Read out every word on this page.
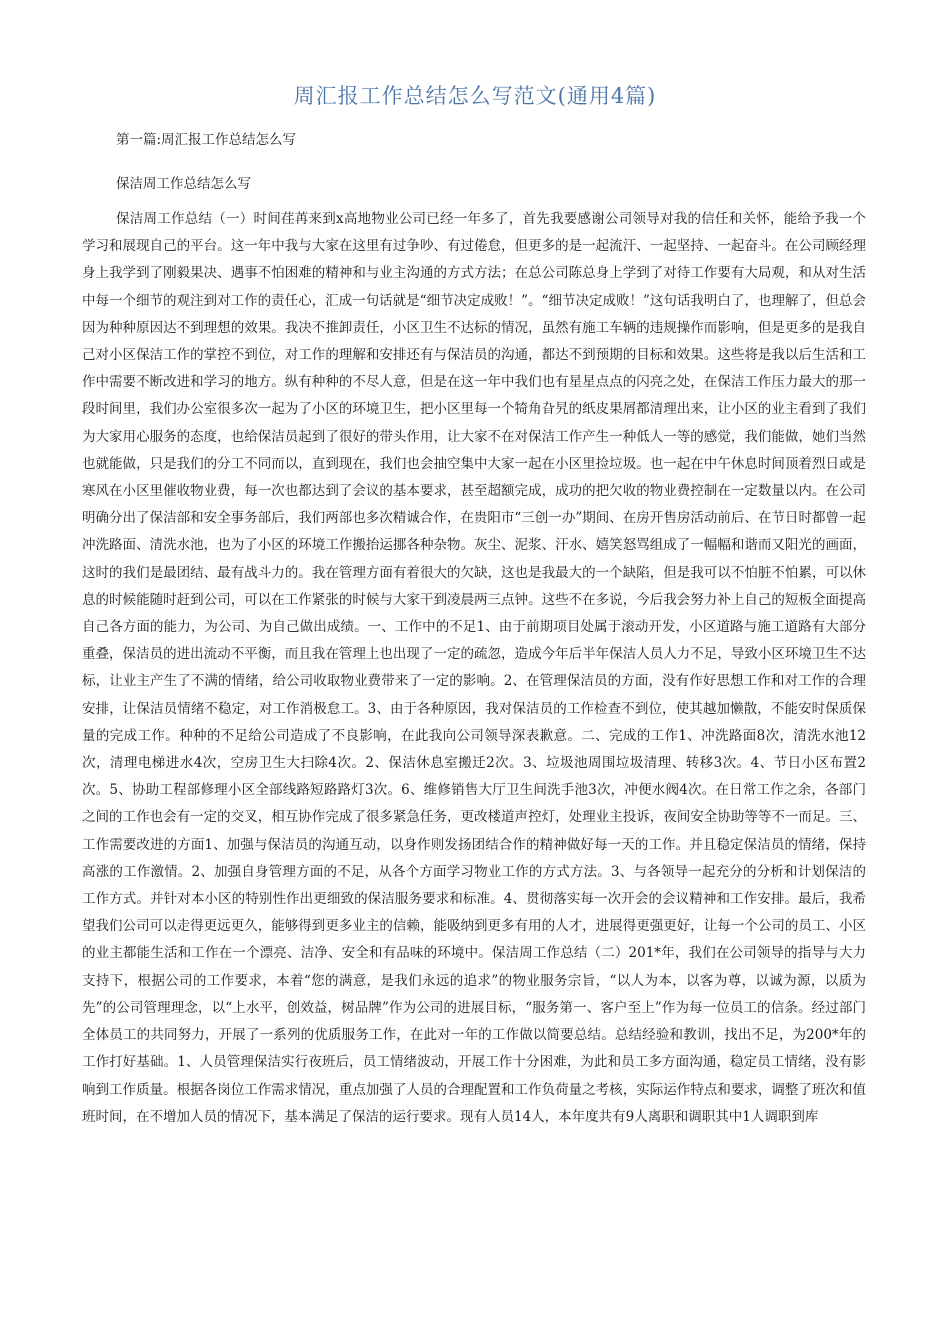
周汇报工作总结怎么写范文(通用4篇)

第一篇:周汇报工作总结怎么写

保洁周工作总结怎么写

保洁周工作总结（一）时间荏苒来到x高地物业公司已经一年多了，首先我要感谢公司领导对我的信任和关怀，能给予我一个学习和展现自己的平台。这一年中我与大家在这里有过争吵、有过倦怠，但更多的是一起流汗、一起坚持、一起奋斗。在公司顾经理身上我学到了刚毅果决、遇事不怕困难的精神和与业主沟通的方式方法；在总公司陈总身上学到了对待工作要有大局观，和从对生活中每一个细节的观注到对工作的责任心，汇成一句话就是“细节决定成败！”。“细节决定成败！”这句话我明白了，也理解了，但总会因为种种原因达不到理想的效果。我决不推卸责任，小区卫生不达标的情况，虽然有施工车辆的违规操作而影响，但是更多的是我自己对小区保洁工作的掌控不到位，对工作的理解和安排还有与保洁员的沟通，都达不到预期的目标和效果。这些将是我以后生活和工作中需要不断改进和学习的地方。纵有种种的不尽人意，但是在这一年中我们也有星星点点的闪亮之处，在保洁工作压力最大的那一段时间里，我们办公室很多次一起为了小区的环境卫生，把小区里每一个犄角旮旯的纸皮果屑都清理出来，让小区的业主看到了我们为大家用心服务的态度，也给保洁员起到了很好的带头作用，让大家不在对保洁工作产生一种低人一等的感觉，我们能做，她们当然也就能做，只是我们的分工不同而以，直到现在，我们也会抽空集中大家一起在小区里捡垃圾。也一起在中午休息时间顶着烈日或是寒风在小区里催收物业费，每一次也都达到了会议的基本要求，甚至超额完成，成功的把欠收的物业费控制在一定数量以内。在公司明确分出了保洁部和安全事务部后，我们两部也多次精诚合作，在贵阳市“三创一办”期间、在房开售房活动前后、在节日时都曾一起冲洗路面、清洗水池，也为了小区的环境工作搬抬运挪各种杂物。灰尘、泥浆、汗水、嬉笑怒骂组成了一幅幅和谐而又阳光的画面，这时的我们是最团结、最有战斗力的。我在管理方面有着很大的欠缺，这也是我最大的一个缺陷，但是我可以不怕脏不怕累，可以休息的时候能随时赶到公司，可以在工作紧张的时候与大家干到凌晨两三点钟。这些不在多说，今后我会努力补上自己的短板全面提高自己各方面的能力，为公司、为自己做出成绩。一、工作中的不足1、由于前期项目处属于滚动开发，小区道路与施工道路有大部分重叠，保洁员的进出流动不平衡，而且我在管理上也出现了一定的疏忽，造成今年后半年保洁人员人力不足，导致小区环境卫生不达标，让业主产生了不满的情绪，给公司收取物业费带来了一定的影响。2、在管理保洁员的方面，没有作好思想工作和对工作的合理安排，让保洁员情绪不稳定，对工作消极怠工。3、由于各种原因，我对保洁员的工作检查不到位，使其越加懒散，不能安时保质保量的完成工作。种种的不足给公司造成了不良影响，在此我向公司领导深表歉意。二、完成的工作1、冲洗路面8次，清洗水池12次，清理电梯进水4次，空房卫生大扫除4次。2、保洁休息室搬迁2次。3、垃圾池周围垃圾清理、转移3次。4、节日小区布置2次。5、协助工程部修理小区全部线路短路路灯3次。6、维修销售大厅卫生间洗手池3次，冲便水阀4次。在日常工作之余，各部门之间的工作也会有一定的交叉，相互协作完成了很多紧急任务，更改楼道声控灯，处理业主投诉，夜间安全协助等等不一而足。三、工作需要改进的方面1、加强与保洁员的沟通互动，以身作则发扬团结合作的精神做好每一天的工作。并且稳定保洁员的情绪，保持高涨的工作激情。2、加强自身管理方面的不足，从各个方面学习物业工作的方式方法。3、与各领导一起充分的分析和计划保洁的工作方式。并针对本小区的特别性作出更细致的保洁服务要求和标准。4、贯彻落实每一次开会的会议精神和工作安排。最后，我希望我们公司可以走得更远更久，能够得到更多业主的信赖，能吸纳到更多有用的人才，进展得更强更好，让每一个公司的员工、小区的业主都能生活和工作在一个漂亮、洁净、安全和有品味的环境中。保洁周工作总结（二）201*年，我们在公司领导的指导与大力支持下，根据公司的工作要求，本着“您的满意，是我们永远的追求”的物业服务宗旨，“以人为本，以客为尊，以诚为源，以质为先”的公司管理理念，以“上水平，创效益，树品牌”作为公司的进展目标，“服务第一、客户至上”作为每一位员工的信条。经过部门全体员工的共同努力，开展了一系列的优质服务工作，在此对一年的工作做以简要总结。总结经验和教训，找出不足，为200*年的工作打好基础。1、人员管理保洁实行夜班后，员工情绪波动，开展工作十分困难，为此和员工多方面沟通，稳定员工情绪，没有影响到工作质量。根据各岗位工作需求情况，重点加强了人员的合理配置和工作负荷量之考核，实际运作特点和要求，调整了班次和值班时间，在不增加人员的情况下，基本满足了保洁的运行要求。现有人员14人，本年度共有9人离职和调职其中1人调职到库
